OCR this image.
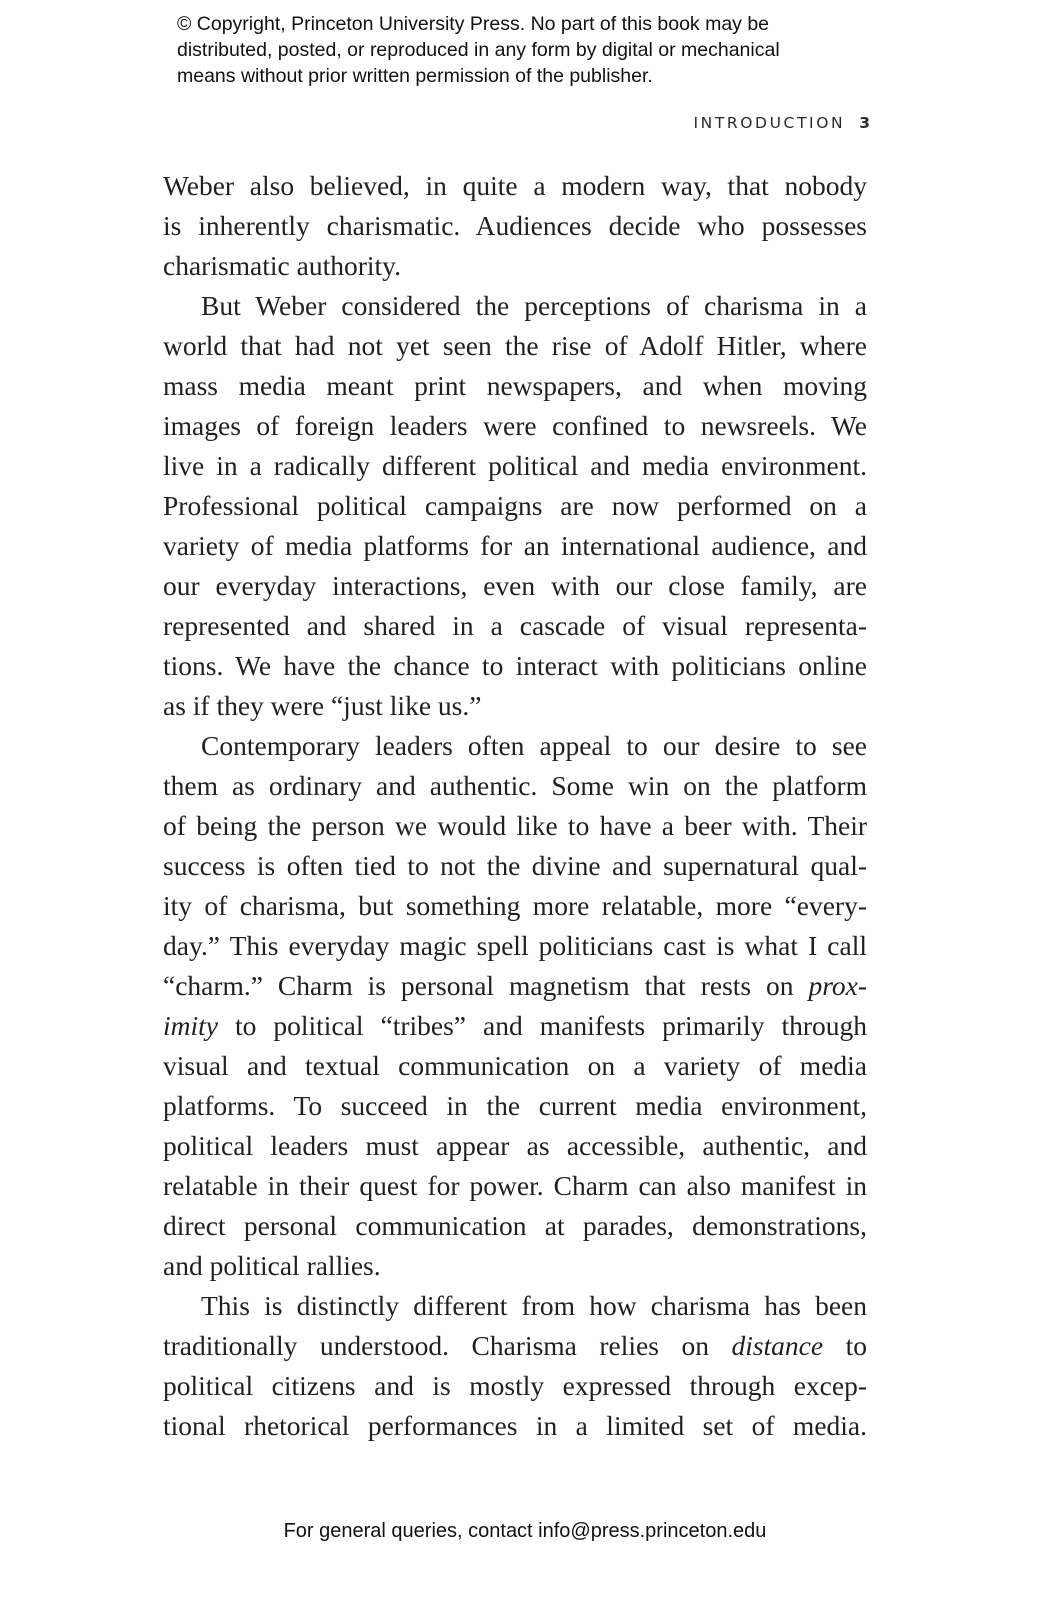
© Copyright, Princeton University Press. No part of this book may be
distributed, posted, or reproduced in any form by digital or mechanical
means without prior written permission of the publisher.
INTRODUCTION 3
Weber also believed, in quite a modern way, that nobody
is inherently charismatic. Audiences decide who possesses
charismatic authority.
But Weber considered the perceptions of charisma in a
world that had not yet seen the rise of Adolf Hitler, where
mass media meant print newspapers, and when moving
images of foreign leaders were confined to newsreels. We
live in a radically different political and media environment.
Professional political campaigns are now performed on a
variety of media platforms for an international audience, and
our everyday interactions, even with our close family, are
represented and shared in a cascade of visual representa-
tions. We have the chance to interact with politicians online
as if they were “just like us.”
Contemporary leaders often appeal to our desire to see
them as ordinary and authentic. Some win on the platform
of being the person we would like to have a beer with. Their
success is often tied to not the divine and supernatural qual-
ity of charisma, but something more relatable, more “every-
day.” This everyday magic spell politicians cast is what I call
“charm.” Charm is personal magnetism that rests on prox-
imity to political “tribes” and manifests primarily through
visual and textual communication on a variety of media
platforms. To succeed in the current media environment,
political leaders must appear as accessible, authentic, and
relatable in their quest for power. Charm can also manifest in
direct personal communication at parades, demonstrations,
and political rallies.
This is distinctly different from how charisma has been
traditionally understood. Charisma relies on distance to
political citizens and is mostly expressed through excep-
tional rhetorical performances in a limited set of media.
For general queries, contact info@press.princeton.edu
